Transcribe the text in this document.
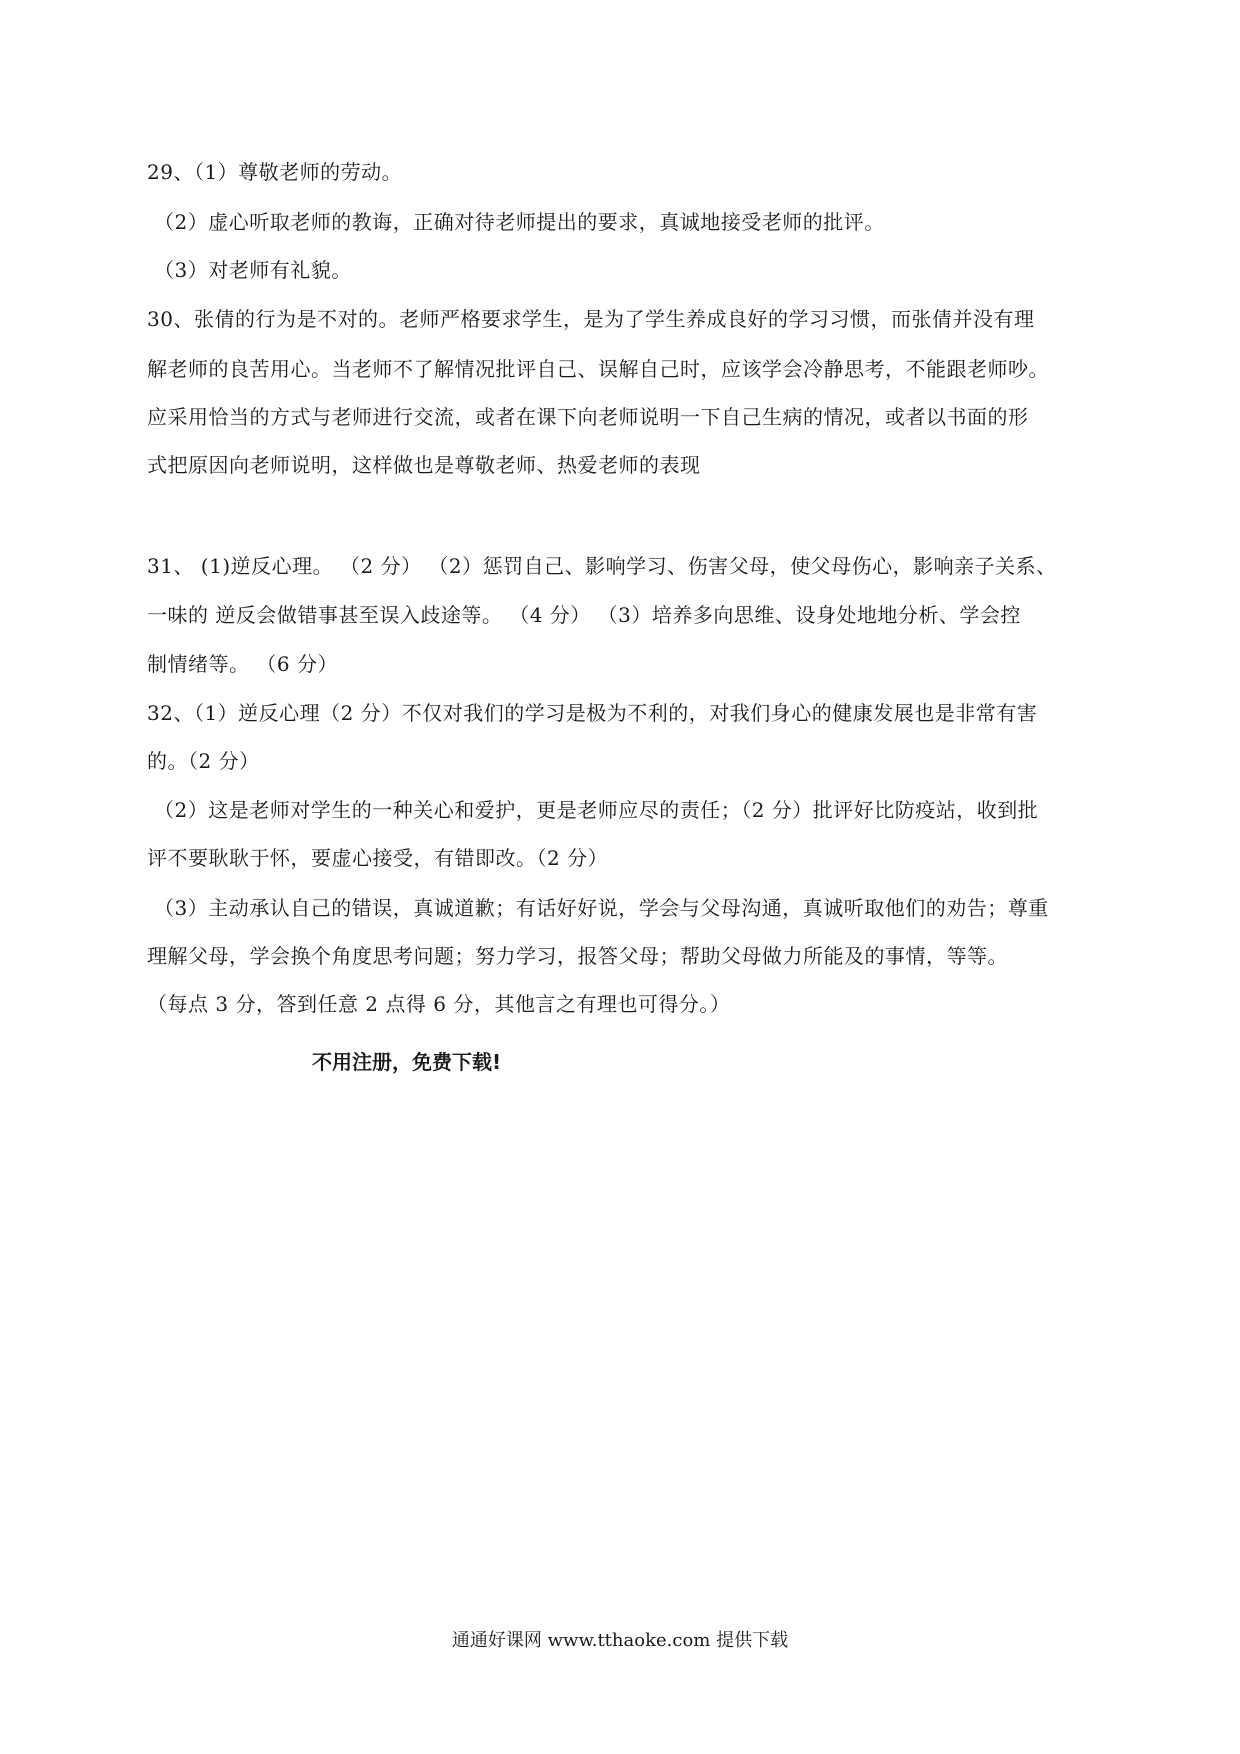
29、（1）尊敬老师的劳动。
（2）虚心听取老师的教诲，正确对待老师提出的要求，真诚地接受老师的批评。
（3）对老师有礼貌。
30、张倩的行为是不对的。老师严格要求学生，是为了学生养成良好的学习习惯，而张倩并没有理
解老师的良苦用心。当老师不了解情况批评自己、误解自己时，应该学会冷静思考，不能跟老师吵。
应采用恰当的方式与老师进行交流，或者在课下向老师说明一下自己生病的情况，或者以书面的形
式把原因向老师说明，这样做也是尊敬老师、热爱老师的表现
31、 (1)逆反心理。 （2 分） （2）惩罚自己、影响学习、伤害父母，使父母伤心，影响亲子关系、
一味的 逆反会做错事甚至误入歧途等。 （4 分） （3）培养多向思维、设身处地地分析、学会控
制情绪等。 （6 分）
32、（1）逆反心理（2 分）不仅对我们的学习是极为不利的，对我们身心的健康发展也是非常有害
的。（2 分）
（2）这是老师对学生的一种关心和爱护，更是老师应尽的责任；（2 分）批评好比防疫站，收到批
评不要耿耿于怀，要虚心接受，有错即改。（2 分）
（3）主动承认自己的错误，真诚道歉；有话好好说，学会与父母沟通，真诚听取他们的劝告；尊重
理解父母，学会换个角度思考问题；努力学习，报答父母；帮助父母做力所能及的事情，等等。
（每点 3 分，答到任意 2 点得 6 分，其他言之有理也可得分。）
不用注册，免费下载!
通通好课网 www.tthaoke.com 提供下载
